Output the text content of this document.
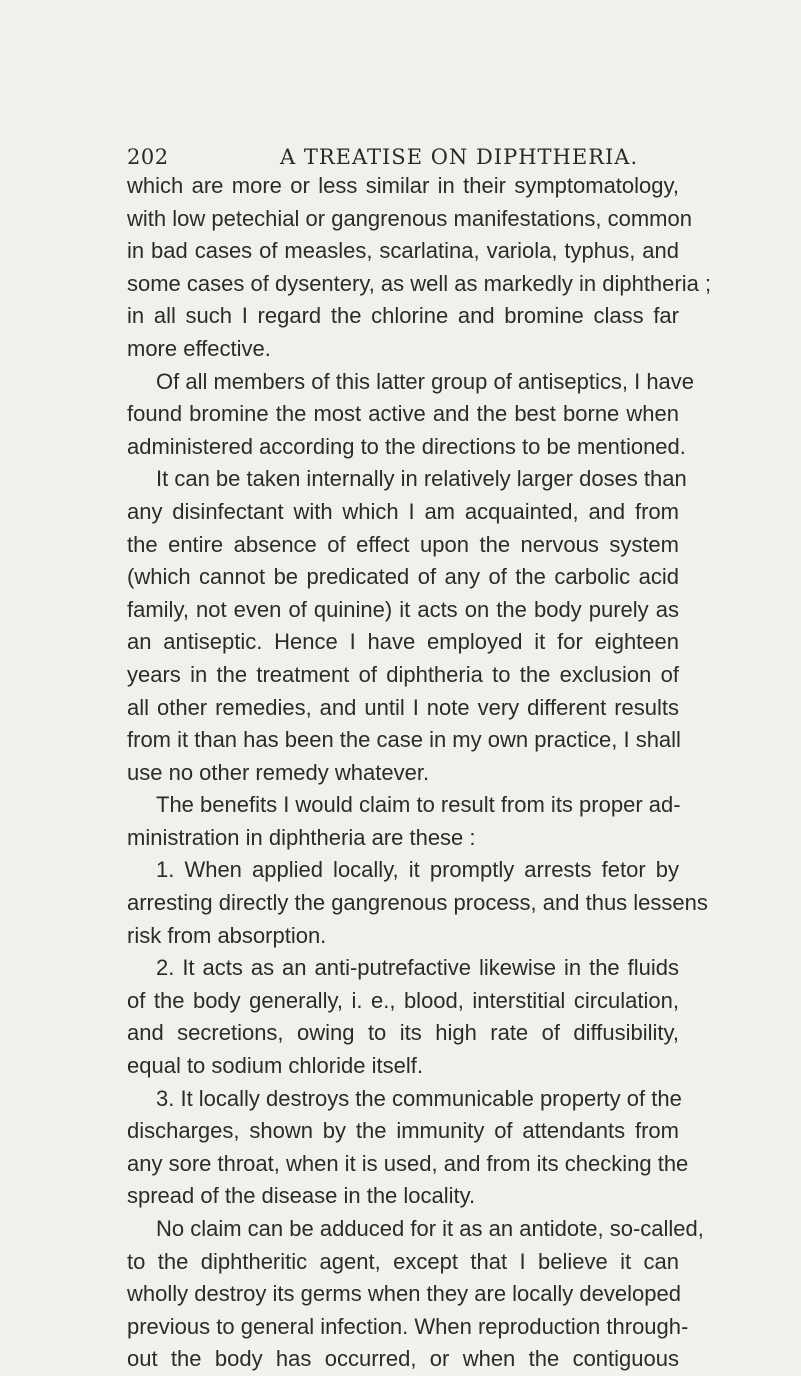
202	A TREATISE ON DIPHTHERIA.
which are more or less similar in their symptomatology,
with low petechial or gangrenous manifestations, common
in bad cases of measles, scarlatina, variola, typhus, and
some cases of dysentery, as well as markedly in diphtheria ;
in all such I regard the chlorine and bromine class far
more effective.
Of all members of this latter group of antiseptics, I have
found bromine the most active and the best borne when
administered according to the directions to be mentioned.
It can be taken internally in relatively larger doses than
any disinfectant with which I am acquainted, and from
the entire absence of effect upon the nervous system
(which cannot be predicated of any of the carbolic acid
family, not even of quinine) it acts on the body purely as
an antiseptic. Hence I have employed it for eighteen
years in the treatment of diphtheria to the exclusion of
all other remedies, and until I note very different results
from it than has been the case in my own practice, I shall
use no other remedy whatever.
The benefits I would claim to result from its proper ad-
ministration in diphtheria are these :
1. When applied locally, it promptly arrests fetor by
arresting directly the gangrenous process, and thus lessens
risk from absorption.
2. It acts as an anti-putrefactive likewise in the fluids
of the body generally, i. e., blood, interstitial circulation,
and secretions, owing to its high rate of diffusibility,
equal to sodium chloride itself.
3. It locally destroys the communicable property of the
discharges, shown by the immunity of attendants from
any sore throat, when it is used, and from its checking the
spread of the disease in the locality.
No claim can be adduced for it as an antidote, so-called,
to the diphtheritic agent, except that I believe it can
wholly destroy its germs when they are locally developed
previous to general infection. When reproduction through-
out the body has occurred, or when the contiguous
